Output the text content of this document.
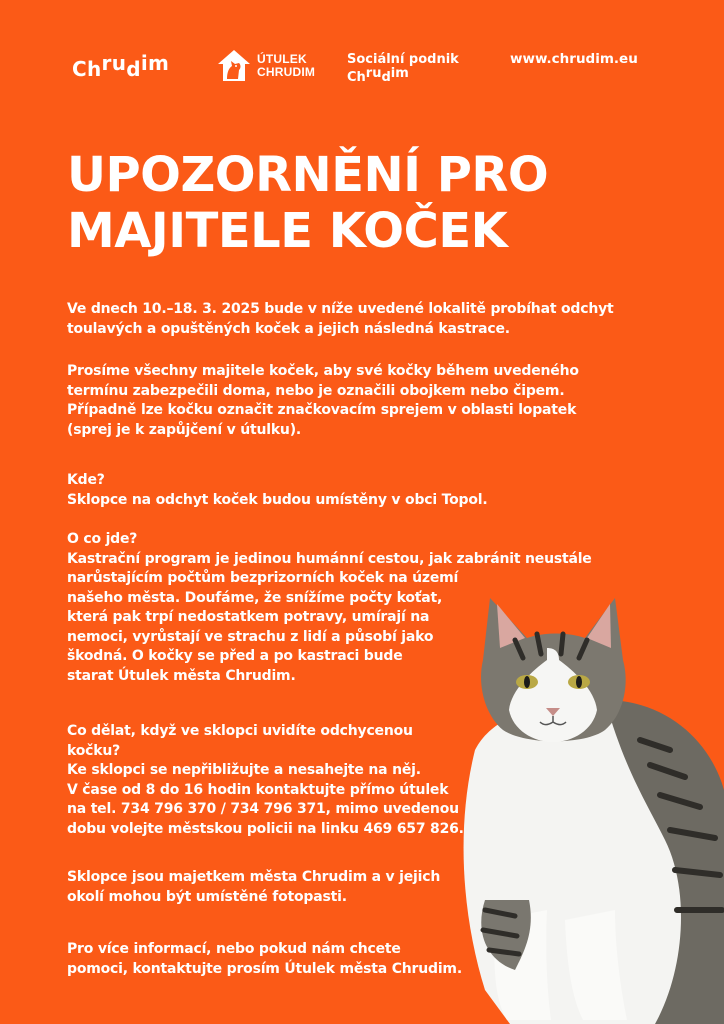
Chrudim	ÚTULEK
CHRUDIM
Sociální podnik
Chrudim
www.chrudim.eu
UPOZORNĚNÍ PRO
MAJITELE KOČEK
Ve dnech 10.–18. 3. 2025 bude v níže uvedené lokalitě probíhat odchyt
toulavých a opuštěných koček a jejich následná kastrace.
Prosíme všechny majitele koček, aby své kočky během uvedeného
termínu zabezpečili doma, nebo je označili obojkem nebo čipem.
Případně lze kočku označit značkovacím sprejem v oblasti lopatek
(sprej je k zapůjčení v útulku).
Kde?
Sklopce na odchyt koček budou umístěny v obci Topol.
O co jde?
Kastrační program je jedinou humánní cestou, jak zabránit neustále
narůstajícím počtům bezprizorních koček na území
našeho města. Doufáme, že snížíme počty koťat,
která pak trpí nedostatkem potravy, umírají na
nemoci, vyrůstají ve strachu z lidí a působí jako
škodná. O kočky se před a po kastraci bude
starat Útulek města Chrudim.
Co dělat, když ve sklopci uvidíte odchycenou
kočku?
Ke sklopci se nepřibližujte a nesahejte na něj.
V čase od 8 do 16 hodin kontaktujte přímo útulek
na tel. 734 796 370 / 734 796 371, mimo uvedenou
dobu volejte městskou policii na linku 469 657 826.
Sklopce jsou majetkem města Chrudim a v jejich
okolí mohou být umístěné fotopasti.
Pro více informací, nebo pokud nám chcete
pomoci, kontaktujte prosím Útulek města Chrudim.
